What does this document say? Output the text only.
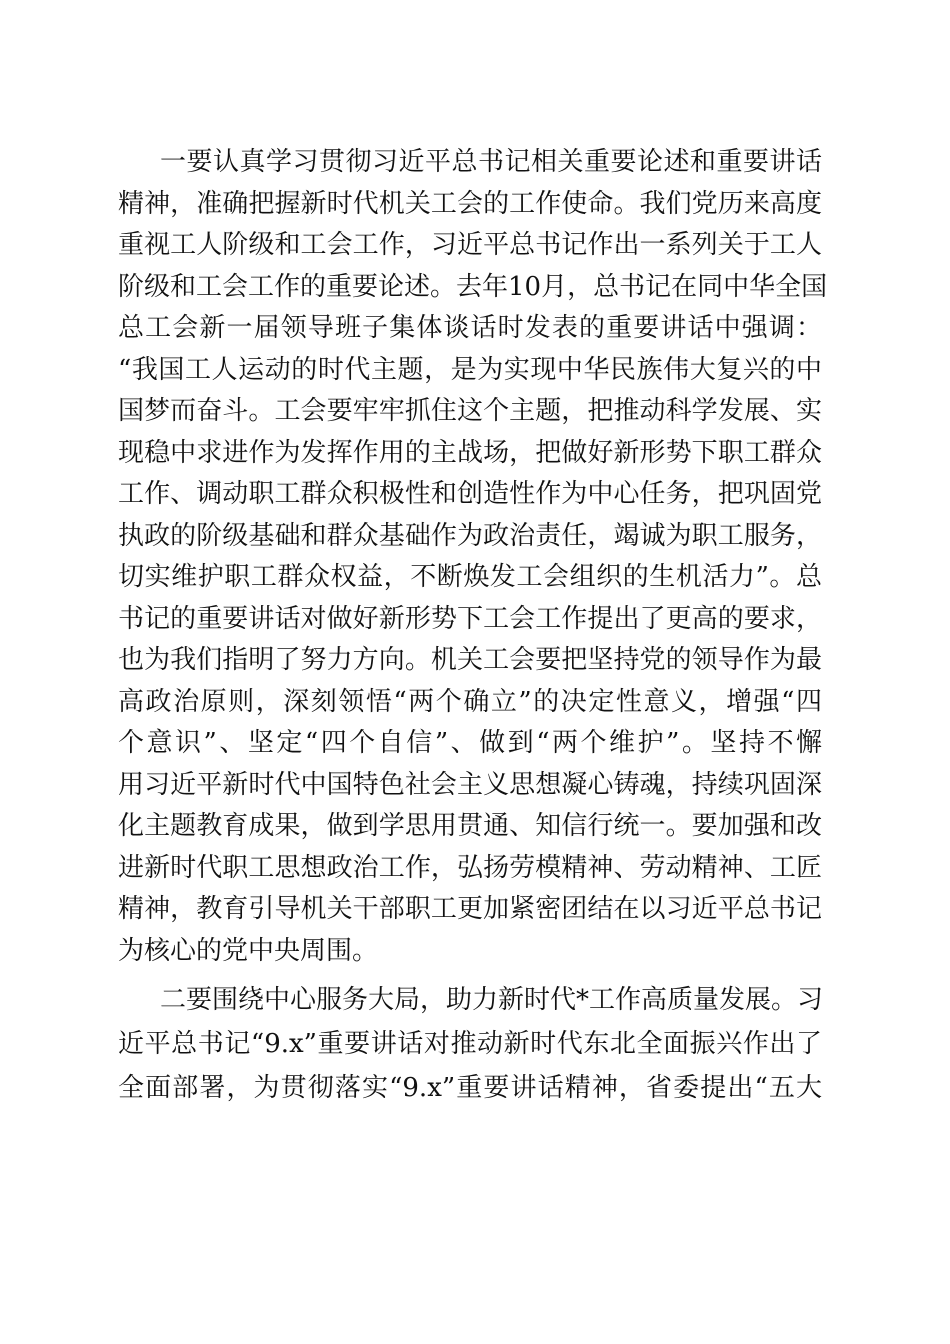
一要认真学习贯彻习近平总书记相关重要论述和重要讲话
精神，准确把握新时代机关工会的工作使命。我们党历来高度
重视工人阶级和工会工作，习近平总书记作出一系列关于工人
阶级和工会工作的重要论述。去年10月，总书记在同中华全国
总工会新一届领导班子集体谈话时发表的重要讲话中强调：
“我国工人运动的时代主题，是为实现中华民族伟大复兴的中
国梦而奋斗。工会要牢牢抓住这个主题，把推动科学发展、实
现稳中求进作为发挥作用的主战场，把做好新形势下职工群众
工作、调动职工群众积极性和创造性作为中心任务，把巩固党
执政的阶级基础和群众基础作为政治责任，竭诚为职工服务，
切实维护职工群众权益，不断焕发工会组织的生机活力”。总
书记的重要讲话对做好新形势下工会工作提出了更高的要求，
也为我们指明了努力方向。机关工会要把坚持党的领导作为最
高政治原则，深刻领悟“两个确立”的决定性意义，增强“四
个意识”、坚定“四个自信”、做到“两个维护”。坚持不懈
用习近平新时代中国特色社会主义思想凝心铸魂，持续巩固深
化主题教育成果，做到学思用贯通、知信行统一。要加强和改
进新时代职工思想政治工作，弘扬劳模精神、劳动精神、工匠
精神，教育引导机关干部职工更加紧密团结在以习近平总书记
为核心的党中央周围。
二要围绕中心服务大局，助力新时代*工作高质量发展。习
近平总书记“9.x”重要讲话对推动新时代东北全面振兴作出了
全面部署，为贯彻落实“9.x”重要讲话精神，省委提出“五大
